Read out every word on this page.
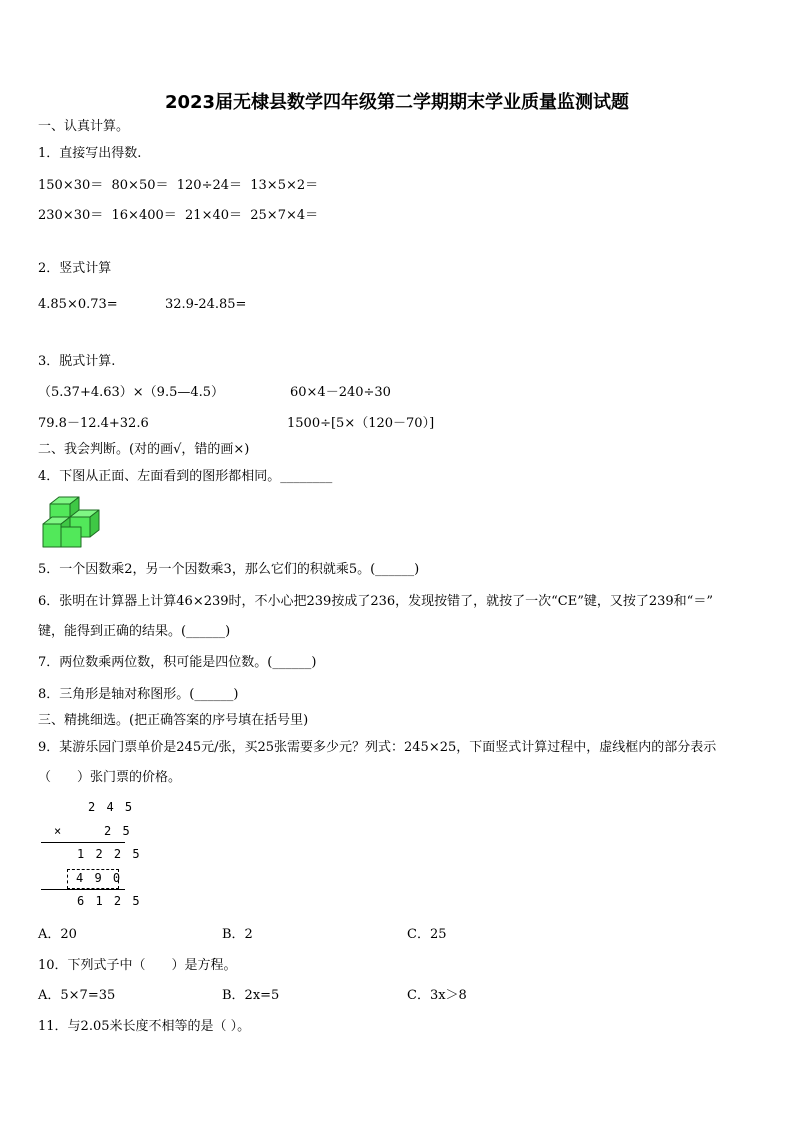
2023届无棣县数学四年级第二学期期末学业质量监测试题
一、认真计算。
1．直接写出得数.
150×30＝  80×50＝  120÷24＝  13×5×2＝
230×30＝  16×400＝  21×40＝  25×7×4＝
2．竖式计算
4.85×0.73=	32.9-24.85=
3．脱式计算.
（5.37+4.63）×（9.5—4.5）	60×4－240÷30
79.8－12.4+32.6	1500÷[5×（120－70）]
二、我会判断。(对的画√，错的画×)
4．下图从正面、左面看到的图形都相同。________
5．一个因数乘2，另一个因数乘3，那么它们的积就乘5。(______)
6．张明在计算器上计算46×239时，不小心把239按成了236，发现按错了，就按了一次“CE”键，又按了239和“＝”
键，能得到正确的结果。(______)
7．两位数乘两位数，积可能是四位数。(______)
8．三角形是轴对称图形。(______)
三、精挑细选。(把正确答案的序号填在括号里)
9．某游乐园门票单价是245元/张，买25张需要多少元？列式：245×25，下面竖式计算过程中，虚线框内的部分表示
（　　）张门票的价格。
2 4 5
×	2 5
1 2 2 5
4 9 0
6 1 2 5
A．20	B．2	C．25
10．下列式子中（　　）是方程。
A．5×7=35	B．2x=5	C．3x＞8
11．与2.05米长度不相等的是（ ）。
